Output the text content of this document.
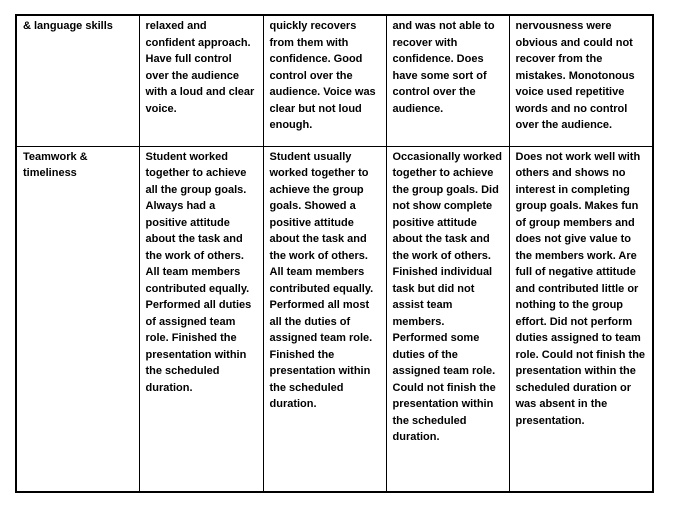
& language skills	relaxed and confident approach. Have full control over the audience with a loud and clear voice.	quickly recovers from them with confidence. Good control over the audience. Voice was clear but not loud enough.	and was not able to recover with confidence. Does have some sort of control over the audience.	nervousness were obvious and could not recover from the mistakes. Monotonous voice used repetitive words and no control over the audience.
Teamwork & timeliness	Student worked together to achieve all the group goals. Always had a positive attitude about the task and the work of others. All team members contributed equally. Performed all duties of assigned team role. Finished the presentation within the scheduled duration.	Student usually worked together to achieve the group goals. Showed a positive attitude about the task and the work of others. All team members contributed equally. Performed all most all the duties of assigned team role. Finished the presentation within the scheduled duration.	Occasionally worked together to achieve the group goals. Did not show complete positive attitude about the task and the work of others. Finished individual task but did not assist team members. Performed some duties of the assigned team role. Could not finish the presentation within the scheduled duration.	Does not work well with others and shows no interest in completing group goals. Makes fun of group members and does not give value to the members work. Are full of negative attitude and contributed little or nothing to the group effort. Did not perform duties assigned to team role. Could not finish the presentation within the scheduled duration or was absent in the presentation.
